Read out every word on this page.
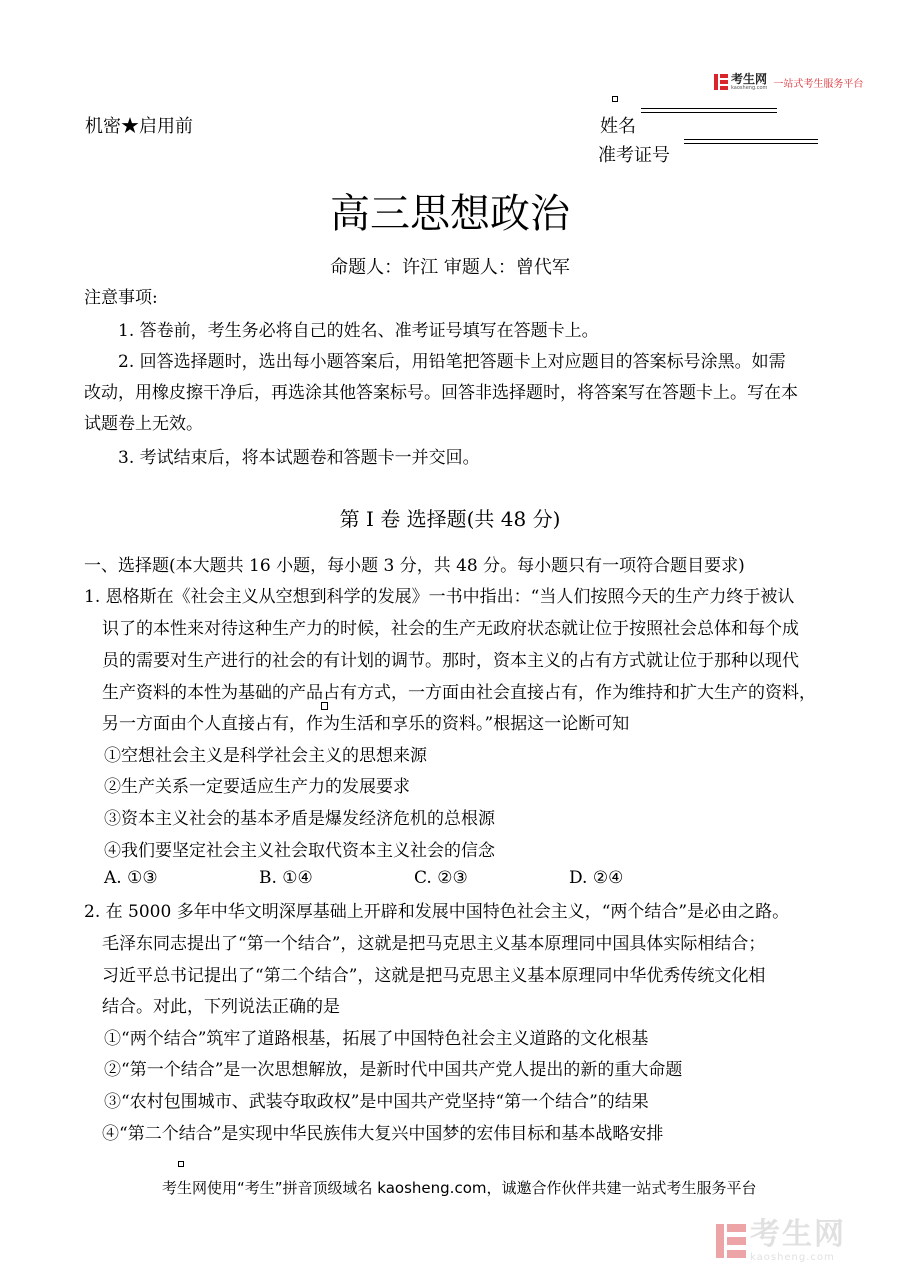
考生网
kaosheng.com 一站式考生服务平台
机密★启用前	姓名
准考证号
高三思想政治
命题人：许江 审题人：曾代军
注意事项:
1. 答卷前，考生务必将自己的姓名、准考证号填写在答题卡上。
2. 回答选择题时，选出每小题答案后，用铅笔把答题卡上对应题目的答案标号涂黑。如需
改动，用橡皮擦干净后，再选涂其他答案标号。回答非选择题时，将答案写在答题卡上。写在本
试题卷上无效。
3. 考试结束后，将本试题卷和答题卡一并交回。
第 I 卷 选择题(共 48 分)
一、选择题(本大题共 16 小题，每小题 3 分，共 48 分。每小题只有一项符合题目要求)
1. 恩格斯在《社会主义从空想到科学的发展》一书中指出：“当人们按照今天的生产力终于被认
识了的本性来对待这种生产力的时候，社会的生产无政府状态就让位于按照社会总体和每个成
员的需要对生产进行的社会的有计划的调节。那时，资本主义的占有方式就让位于那种以现代
生产资料的本性为基础的产品占有方式，一方面由社会直接占有，作为维持和扩大生产的资料，
另一方面由个人直接占有，作为生活和享乐的资料。”根据这一论断可知
①空想社会主义是科学社会主义的思想来源
②生产关系一定要适应生产力的发展要求
③资本主义社会的基本矛盾是爆发经济危机的总根源
④我们要坚定社会主义社会取代资本主义社会的信念
A. ①③	B. ①④	C. ②③	D. ②④
2. 在 5000 多年中华文明深厚基础上开辟和发展中国特色社会主义，“两个结合”是必由之路。
毛泽东同志提出了“第一个结合”，这就是把马克思主义基本原理同中国具体实际相结合；
习近平总书记提出了“第二个结合”，这就是把马克思主义基本原理同中华优秀传统文化相
结合。对此，下列说法正确的是
①“两个结合”筑牢了道路根基，拓展了中国特色社会主义道路的文化根基
②“第一个结合”是一次思想解放，是新时代中国共产党人提出的新的重大命题
③“农村包围城市、武装夺取政权”是中国共产党坚持“第一个结合”的结果
④“第二个结合”是实现中华民族伟大复兴中国梦的宏伟目标和基本战略安排
考生网使用“考生”拼音顶级域名 kaosheng.com，诚邀合作伙伴共建一站式考生服务平台
考生网
kaosheng.com
